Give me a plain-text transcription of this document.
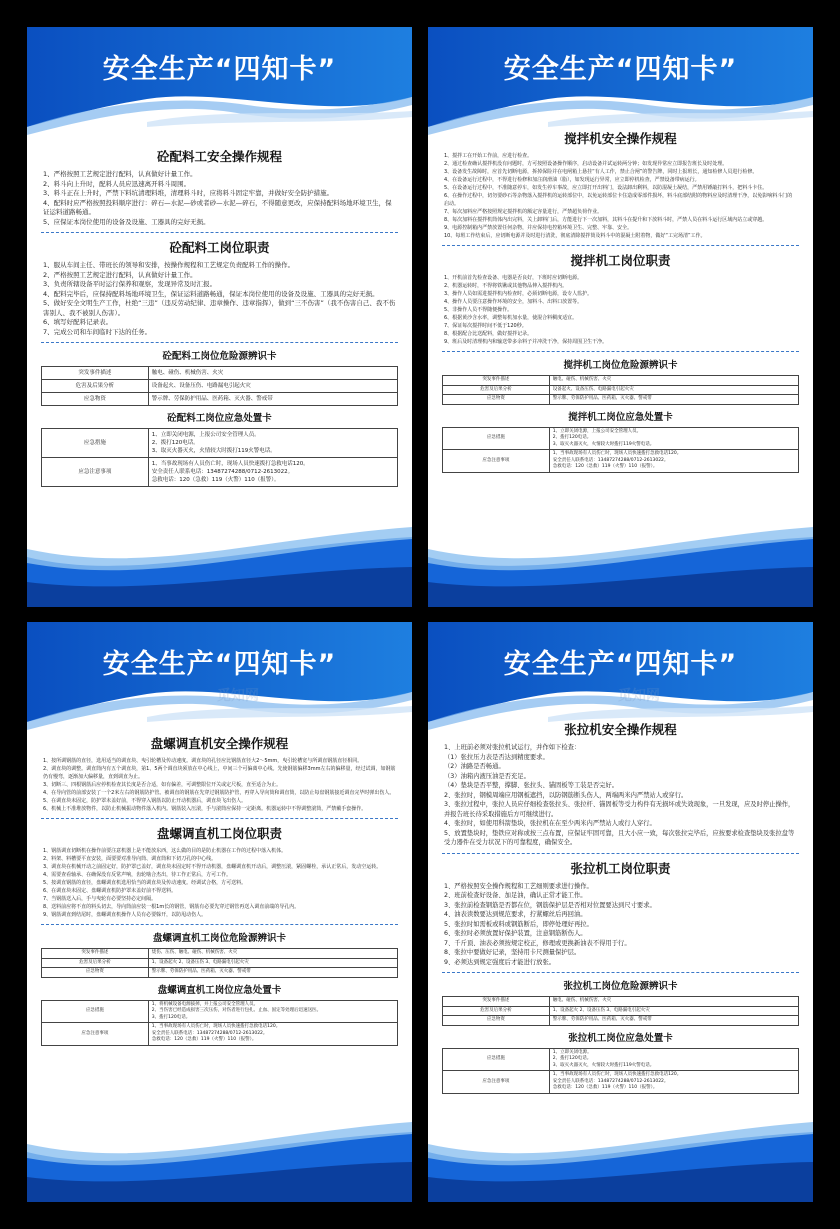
安全生产“四知卡”
砼配料工安全操作规程
1、严格按照工艺规定进行配料，认真做好计量工作。
2、料斗向上升时，配料人员应迅速离开料斗周围。
3、料斗正在上升时，严禁下料坑清理料堆，清理料斗时，应将料斗固定牢靠，并做好安全防护措施。
4、配料时应严格按照投料顺序进行：碎石—水泥—砂或者砂—水泥—碎石，不得随意更改，应保持配料场地环境卫生，保证运料道路畅通。
5、应保证本岗位使用的设备及设施、工器具的完好无损。
砼配料工岗位职责
1、服从车间主任、带班长的领导和安排，按操作规程和工艺规定负责配料工作的操作。
2、严格按照工艺规定进行配料，认真做好计量工作。
3、负责所辖设备平时运行保养和观察，发现异常及时汇报。
4、配料完毕后，应保持配料场地环境卫生，保证运料道路畅通，保证本岗位使用的设备及设施、工器具的完好无损。
5、做好安全文明生产工作，杜绝“三违”（违反劳动纪律、违章操作、违章指挥），做到“三不伤害”（我不伤害自己、我不伤害别人、我不被别人伤害）。
6、填写好配料记录表。
7、完成公司和车间临时下达的任务。
砼配料工岗位危险源辨识卡
突发事件描述	触电、碰伤、机械伤害、火灾
危害及后果分析	设备起火、设备压伤、电路漏电引起火灾
应急物资	警示牌、劳保防护用品、医药箱、灭火器、警戒带
砼配料工岗位应急处置卡
应急措施	1、立即关闭电源，上报公司安全管理人员。
2、拨打120电话。
3、取灭火器灭火，火情较大时拨打119火警电话。
应急注意事项	1、当事故现场有人员伤亡时，现场人员快速拨打急救电话120。
安全责任人联系电话：13487274288/0712-2613022。
急救电话：120（急救）119（火警）110（报警）。
安全生产“四知卡”
搅拌机安全操作规程
1、搅拌工在开始工作前，应进行检查。
2、通过检查确认搅拌机没有问题时，方可按照设备操作顺序，启动设备并试运转两分钟；如发现异常应立即报告班长及时处理。
3、设备发生故障时，应首先切断电源，拆掉保险并在电闸箱上悬挂“有人工作，禁止合闸”的警告牌，同时上报班长，通知检修人员进行检修。
4、在设备运行过程中，不得进行检修和加注润滑油（脂），如发现运行异常，应立即停机检查，严禁设备带病运行。
5、在设备运行过程中，不准随意停车，如发生停车事故，应立即打开出料门，设法卸出剩料，以防混凝土凝结，严禁用锤敲打料斗，把料斗卡住。
6、在操作过程中，切勿要砂石等杂物落入搅拌机的运转部位中，以免运转部位卡住造成零部件损坏，料斗底部结附的物料应及时清理干净，以免影响料斗门的启动。
7、每次加料应严格按照规定搅拌机的额定容量进行，严禁超负荷作业。
8、每次加料在搅拌机筒体内出完料，关上卸料门后，方能进行下一次加料，其料斗在提升和下放料斗时，严禁人员在料斗运行区域内站立或穿越。
9、电源控制箱内严禁放置任何杂物，并应保持电控箱环境卫生、完整、牢靠、安全。
10、每班工作结束后，应切断电源并及时进行清洗，彻底清除搅拌筒及料斗中的混凝土附着物，做好“工完场清”工作。
搅拌机工岗位职责
1、开机前首先检查设备、电器是否良好，下班时应切断电源。
2、机器运转时，不得将铁锹或其他物品伸入搅拌机内。
3、操作人员如需进搅拌机内检查时，必须切断电源，设专人监护。
4、操作人员要注意操作环境的安全，加料斗、出料口放置等。
5、非操作人员不得随便操作。
6、根据黄沙含水率，调整每机加水量，使混合料稠度适宜。
7、保证每次搅拌时间不低于120秒。
8、根据配合比送配料，做好搅拌记录。
9、班后及时清理机内和输送带多余料子并冲洗干净，保持周围卫生干净。
搅拌机工岗位危险源辨识卡
突发事件描述	触电、碰伤、机械伤害、火灾
危害及后果分析	设备起火、设备压伤、电路漏电引起火灾
应急物资	警示牌、劳保防护用品、医药箱、灭火器、警戒带
搅拌机工岗位应急处置卡
应急措施	1、立即关闭电源，上报公司安全管理人员。
2、拨打120电话。
3、取灭火器灭火，火情较大时拨打119火警电话。
应急注意事项	1、当事故现场有人员伤亡时，现场人员快速拨打急救电话120。
安全责任人联系电话：13487274288/0712-2613022。
急救电话：120（急救）119（火警）110（报警）。
安全生产“四知卡”
觅知网
盘螺调直机安全操作规程
1、按所调钢筋的直径，选用适当的调直块、曳引轮槽及传动速度。调直块的孔径应比钢筋直径大2～5mm，曳引轮槽宽与所调直钢筋直径相同。
2、调直块的调整。调直筒内有五个调直块，第1、5两个调直块须放在中心线上，中间三个可偏离中心线。先使钢筋偏移3mm左右的偏移量，经过试调，如钢筋仍有慢弯，逐渐加大偏移量，直到调直为止。
3、切断三、四根钢筋后应停机检查其长度是否合适，如有偏差，可调整限位开关或定尺板，直至适合为止。
4、在导向管的前部安装了一个2米左右的钢筋防护管。被调直的钢筋在先穿过钢筋防护管，再穿入导向筒和调直筒，以防止每盘钢筋接近调直完毕时弹出伤人。
5、在调直块未固定，防护罩未盖好前，不得穿入钢筋以防止开动机器后，调直块飞出伤人。
6、机械上不准堆放物件，以防止机械振动物件落入机内。钢筋装入压滚，手与滚筒应保持一定距离。机器运转中不得调整滚筒，严禁戴手套操作。
盘螺调直机工岗位职责
1、钢筋调直切断机在操作前要注意机器上是不能放东西，这么做的目的是防止机器在工作的过程中落入机体。
2、料架、料槽要平直安装，面要要对准导向筒、调直筒和下切刀孔的中心线。
3、调直块在机械开动之前固定好，防护罩已盖好，调直块未固定时不得开动机器，盘螺调直机开动后，调整压滚，紧固螺栓，承认正常后，发动空运转。
4、需要查看轴承、在确保没有反常声响，齿轮啮合杰出，待工作正常后，方可工作。
5、按调直钢筋的直径，盘螺调直机选用恰当的调直块及传动速度。经调试合格，方可送料。
6、在调直块未固定、盘螺调直机防护罩未盖好前不得送料。
7、当钢筋送入后，手与曳轮有必要坚持必定间隔。
8、送料前应将不直的料头切去，导向筒前应装一根1m长的钢管，钢筋有必要先穿过钢管再送入调直前端的导孔内。
9、钢筋调直到结尾时，盘螺调直机操作人员有必要躲开，以防甩动伤人。
盘螺调直机工岗位危险源辨识卡
突发事件描述	烧伤、压伤、触电、碰伤、机械伤害、火灾
危害及后果分析	1、设备起火 2、设备压伤 3、电路漏电引起火灾
应急物资	警示牌、劳保防护用品、医药箱、灭火器、警戒带
盘螺调直机工岗位应急处置卡
应急措施	1、将机械设备电源拔掉，并上报公司安全管理人员。
2、当伤害已经造成损害三次压伤，对伤者进行包扎、止血、固定等处理后迅速送医。
3、拨打120电话。
应急注意事项	1、当事故现场有人员伤亡时，现场人员快速拨打急救电话120。
安全责任人联系电话：13487274288/0712-2613022。
急救电话：120（急救）119（火警）110（报警）。
安全生产“四知卡”
觅知网
张拉机安全操作规程
1、上班前必须对张拉机试运行，并作如下检查：
（1）张拉压力表是否达到精度要求。
（2）油路是否畅通。
（3）油箱内液压油是否充足。
（4）垫块是否平整，撑脚、张拉头、锚固板等工装是否完好。
2、张拉时，钢模周端应用钢板遮挡，以防钢筋断头伤人，两端两米内严禁站人或穿行。
3、张拉过程中，张拉人员应仔细检查张拉头、张拉杆、锚固板等受力构件有无损坏或失效现象，一旦发现，应及时停止操作，并报告班长待采取措施后方可继续进行。
4、张拉时，如使用科箭垫块，张拉机在在至少两米内严禁站人或行人穿行。
5、放置垫块时，垫铁应对称或按三点布置，应保证牢固可靠，且大小应一致，每次张拉完毕后，应按要求检查垫块及张拉盘等受力器件在受力状况下的可靠程度，确保安全。
张拉机工岗位职责
1、严格按照安全操作规程和工艺细则要求进行操作。
2、班前检查好设备、加足油，确认正常才能工作。
3、张拉前检查钢筋是否都在位，钢筋保护层是否相对位置要达到尺寸要求。
4、油表读数要达到规范要求，拧紧螺丝后再回油。
5、张拉时如需板或料或钢筋断后，即停处理好再拉。
6、张拉时必须放置好保护装置，注意钢筋断伤人。
7、千斤顶、油表必须按规定校正，修理或更换新油表不得用于行。
8、张拉中要做好记录，坚持用卡尺测量保护层。
9、必须达到规定强度后才能进行放张。
张拉机工岗位危险源辨识卡
突发事件描述	触电、碰伤、机械伤害、火灾
危害及后果分析	1、设备起火 2、设备压伤 3、电路漏电引起火灾
应急物资	警示牌、劳保防护用品、医药箱、灭火器、警戒带
张拉机工岗位应急处置卡
应急措施	1、立即关闭电源。
2、拨打120电话。
3、取灭火器灭火，火情较大时拨打119火警电话。
应急注意事项	1、当事故现场有人员伤亡时，现场人员快速拨打急救电话120。
安全责任人联系电话：13487274288/0712-2613022。
急救电话：120（急救）119（火警）110（报警）。
